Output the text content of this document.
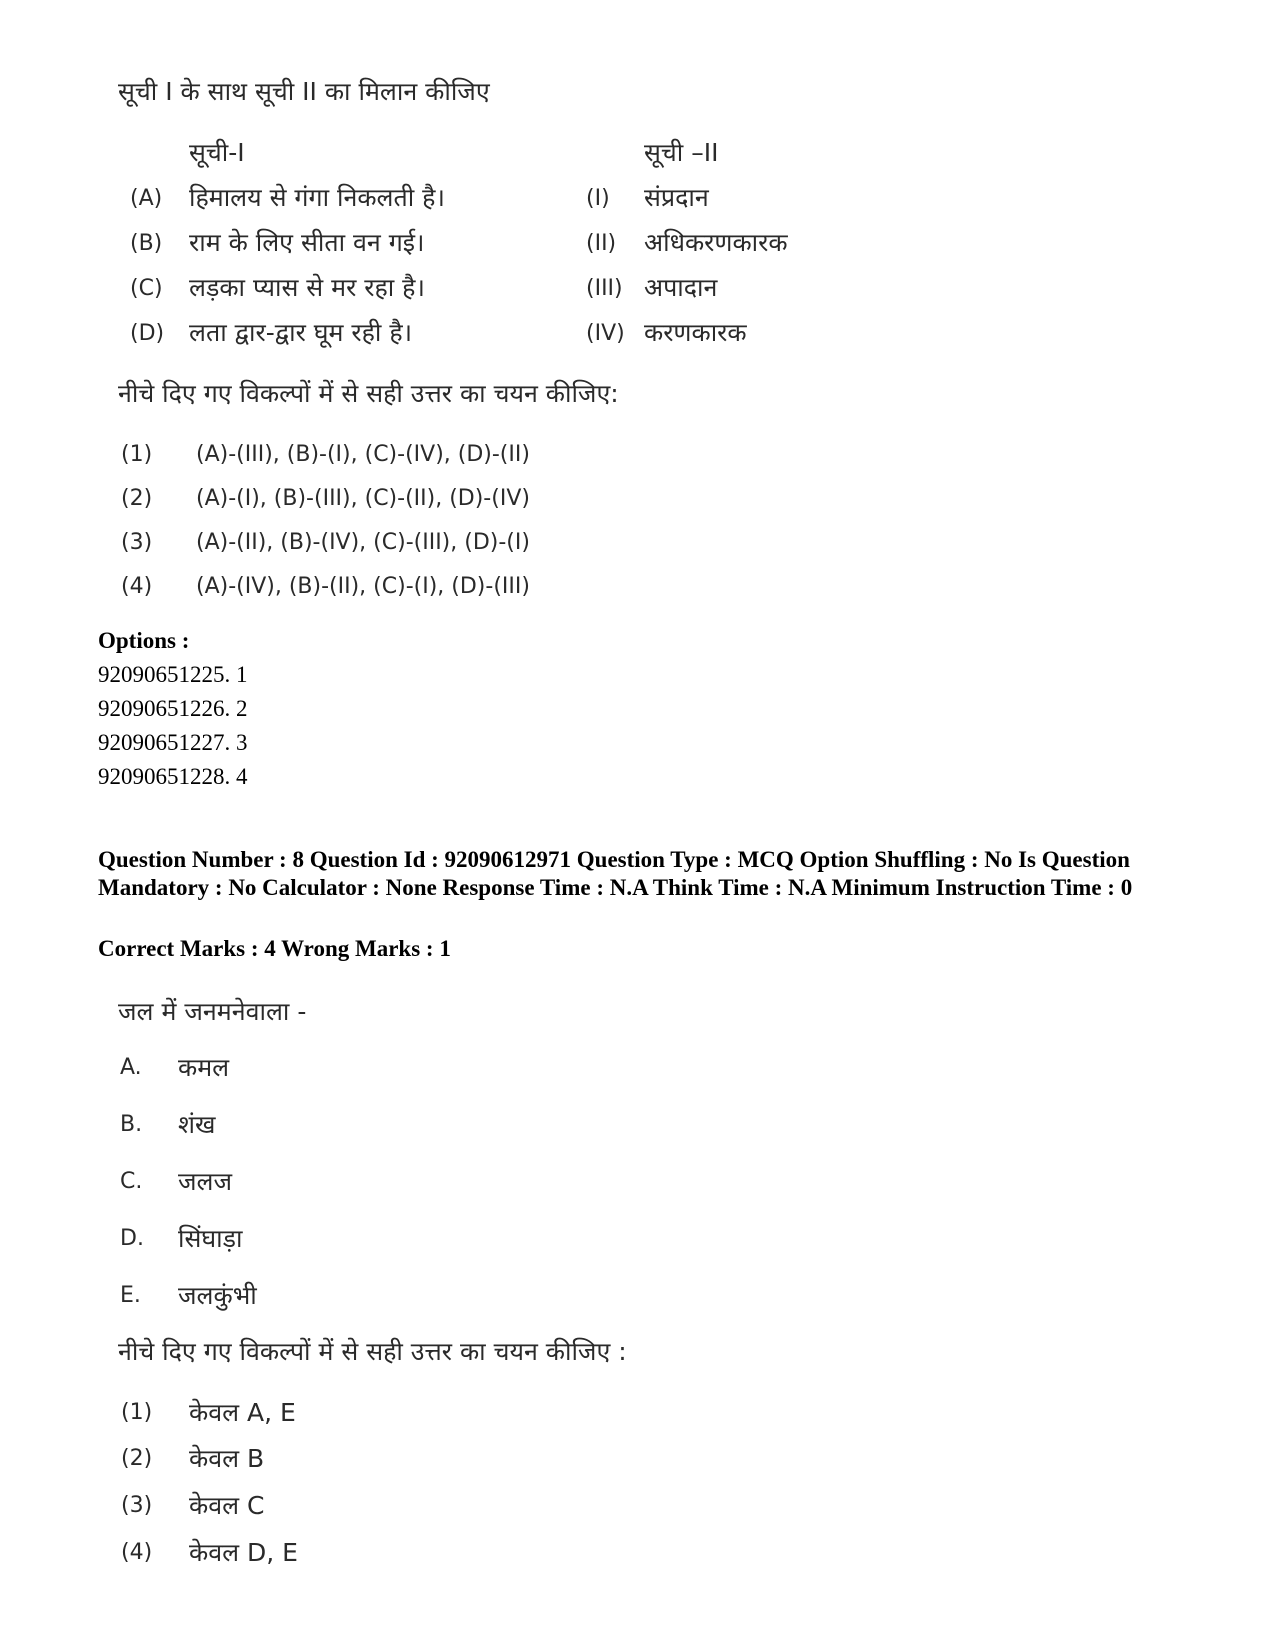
सूची I के साथ सूची II का मिलान कीजिए
सूची-I	सूची –II
(A) हिमालय से गंगा निकलती है।	(I) संप्रदान
(B) राम के लिए सीता वन गई।	(II) अधिकरणकारक
(C) लड़का प्यास से मर रहा है।	(III) अपादान
(D) लता द्वार-द्वार घूम रही है।	(IV) करणकारक
नीचे दिए गए विकल्पों में से सही उत्तर का चयन कीजिए:
(1) (A)-(III), (B)-(I), (C)-(IV), (D)-(II)
(2) (A)-(I), (B)-(III), (C)-(II), (D)-(IV)
(3) (A)-(II), (B)-(IV), (C)-(III), (D)-(I)
(4) (A)-(IV), (B)-(II), (C)-(I), (D)-(III)
Options :
92090651225. 1
92090651226. 2
92090651227. 3
92090651228. 4
Question Number : 8 Question Id : 92090612971 Question Type : MCQ Option Shuffling : No Is Question Mandatory : No Calculator : None Response Time : N.A Think Time : N.A Minimum Instruction Time : 0
Correct Marks : 4 Wrong Marks : 1
जल में जनमनेवाला -
A. कमल
B. शंख
C. जलज
D. सिंघाड़ा
E. जलकुंभी
नीचे दिए गए विकल्पों में से सही उत्तर का चयन कीजिए :
(1) केवल A, E
(2) केवल B
(3) केवल C
(4) केवल D, E
